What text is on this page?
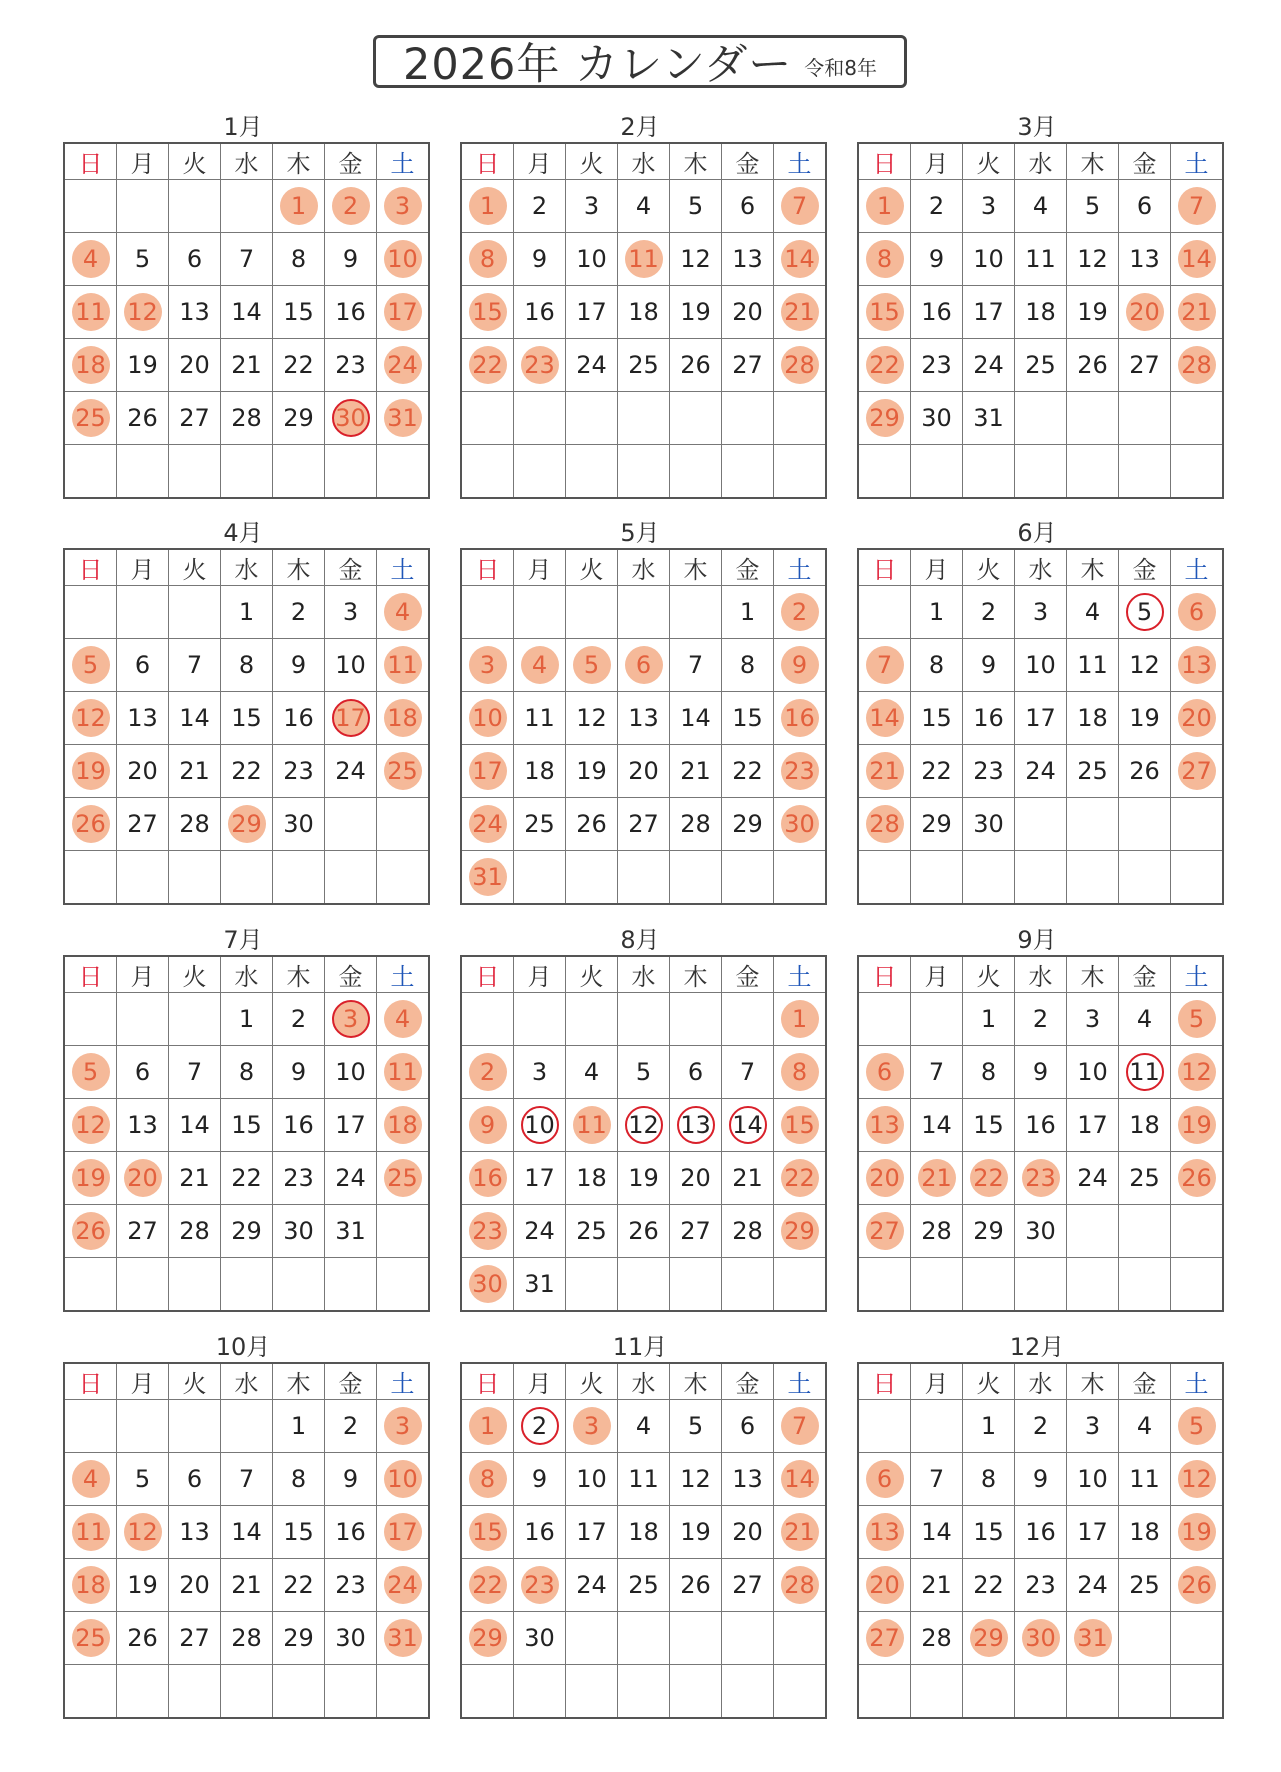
2026年 カレンダー 令和8年
1月
日	月	火	水	木	金	土
				1	2	3
4	5	6	7	8	9	10
11	12	13	14	15	16	17
18	19	20	21	22	23	24
25	26	27	28	29	30	31

2月
日	月	火	水	木	金	土
1	2	3	4	5	6	7
8	9	10	11	12	13	14
15	16	17	18	19	20	21
22	23	24	25	26	27	28

3月
日	月	火	水	木	金	土
1	2	3	4	5	6	7
8	9	10	11	12	13	14
15	16	17	18	19	20	21
22	23	24	25	26	27	28
29	30	31				

4月
日	月	火	水	木	金	土
			1	2	3	4
5	6	7	8	9	10	11
12	13	14	15	16	17	18
19	20	21	22	23	24	25
26	27	28	29	30		

5月
日	月	火	水	木	金	土
					1	2
3	4	5	6	7	8	9
10	11	12	13	14	15	16
17	18	19	20	21	22	23
24	25	26	27	28	29	30
31						
6月
日	月	火	水	木	金	土
	1	2	3	4	5	6
7	8	9	10	11	12	13
14	15	16	17	18	19	20
21	22	23	24	25	26	27
28	29	30				

7月
日	月	火	水	木	金	土
			1	2	3	4
5	6	7	8	9	10	11
12	13	14	15	16	17	18
19	20	21	22	23	24	25
26	27	28	29	30	31	

8月
日	月	火	水	木	金	土
						1
2	3	4	5	6	7	8
9	10	11	12	13	14	15
16	17	18	19	20	21	22
23	24	25	26	27	28	29
30	31					
9月
日	月	火	水	木	金	土
		1	2	3	4	5
6	7	8	9	10	11	12
13	14	15	16	17	18	19
20	21	22	23	24	25	26
27	28	29	30			

10月
日	月	火	水	木	金	土
				1	2	3
4	5	6	7	8	9	10
11	12	13	14	15	16	17
18	19	20	21	22	23	24
25	26	27	28	29	30	31

11月
日	月	火	水	木	金	土
1	2	3	4	5	6	7
8	9	10	11	12	13	14
15	16	17	18	19	20	21
22	23	24	25	26	27	28
29	30					

12月
日	月	火	水	木	金	土
		1	2	3	4	5
6	7	8	9	10	11	12
13	14	15	16	17	18	19
20	21	22	23	24	25	26
27	28	29	30	31		
